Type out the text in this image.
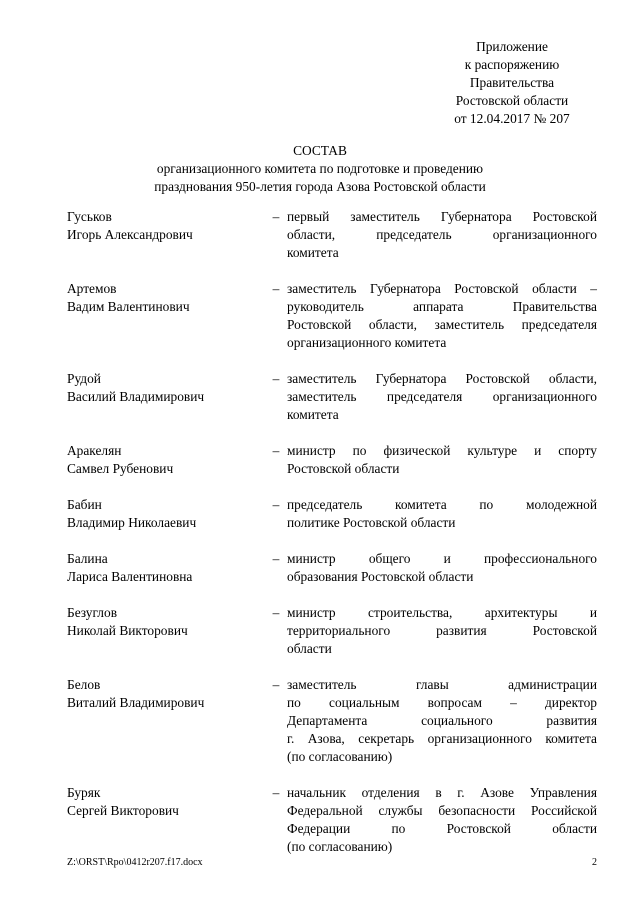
Приложение
к распоряжению
Правительства
Ростовской области
от 12.04.2017 № 207
СОСТАВ
организационного комитета по подготовке и проведению
празднования 950-летия города Азова Ростовской области
Гуськов
Игорь Александрович
– первый заместитель Губернатора Ростовской
области, председатель организационного
комитета
Артемов
Вадим Валентинович
– заместитель Губернатора Ростовской области –
руководитель аппарата Правительства
Ростовской области, заместитель председателя
организационного комитета
Рудой
Василий Владимирович
– заместитель Губернатора Ростовской области,
заместитель председателя организационного
комитета
Аракелян
Самвел Рубенович
– министр по физической культуре и спорту
Ростовской области
Бабин
Владимир Николаевич
– председатель комитета по молодежной
политике Ростовской области
Балина
Лариса Валентиновна
– министр общего и профессионального
образования Ростовской области
Безуглов
Николай Викторович
– министр строительства, архитектуры и
территориального развития Ростовской
области
Белов
Виталий Владимирович
– заместитель главы администрации
по социальным вопросам – директор
Департамента социального развития
г. Азова, секретарь организационного комитета
(по согласованию)
Буряк
Сергей Викторович
– начальник отделения в г. Азове Управления
Федеральной службы безопасности Российской
Федерации по Ростовской области
(по согласованию)
Z:\ORST\Rpo\0412r207.f17.docx	2
